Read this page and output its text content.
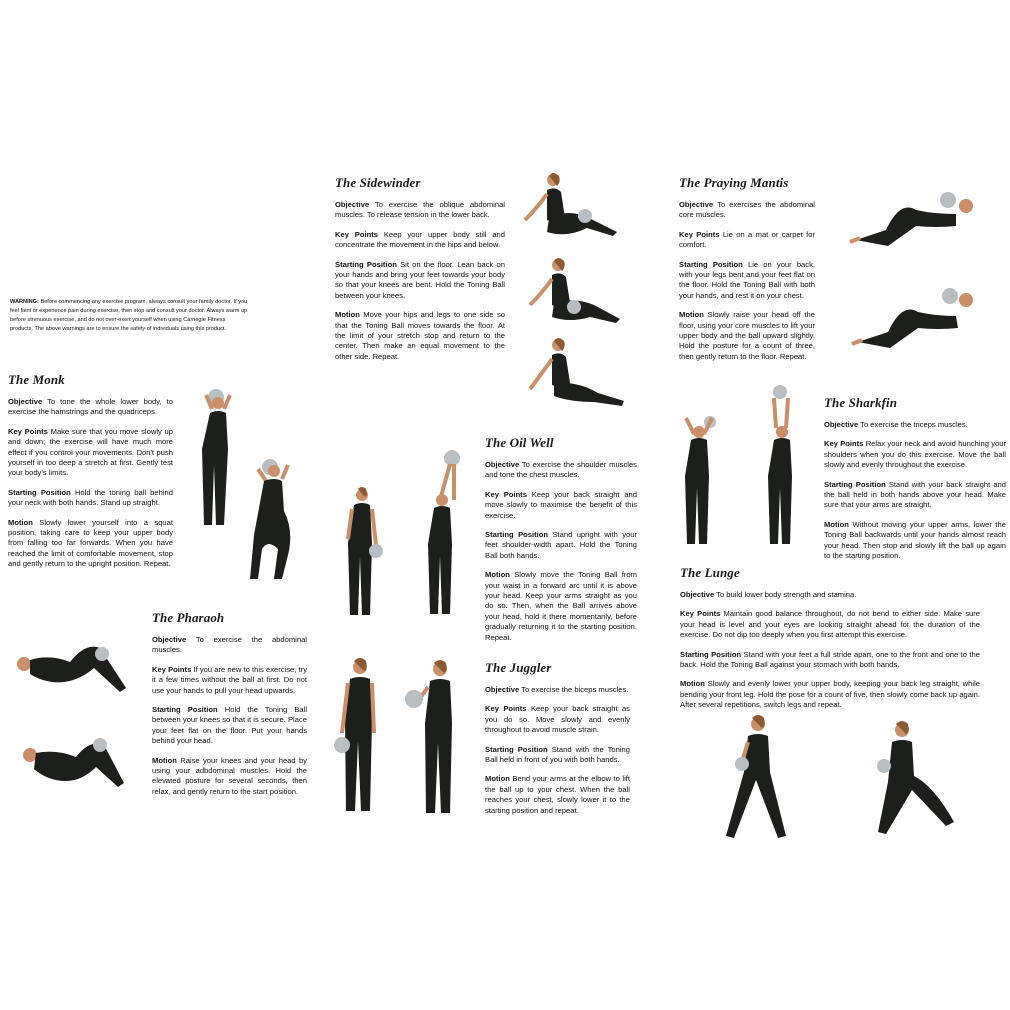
WARNING: Before commencing any exercise program, always consult your family doctor. If you feel faint or experience pain during exercise, then stop and consult your doctor. Always warm up before strenuous exercise, and do not over-exert yourself when using Carnegie Fitness products. The above warnings are to ensure the safety of individuals using this product.
The Monk

Objective To tone the whole lower body, to exercise the hamstrings and the quadriceps.

Key Points Make sure that you move slowly up and down; the exercise will have much more effect if you control your movements. Don't push yourself in too deep a stretch at first. Gently test your body's limits.

Starting Position Hold the toning ball behind your neck with both hands. Stand up straight.

Motion Slowly lower yourself into a squat position, taking care to keep your upper body from falling too far forwards. When you have reached the limit of comfortable movement, stop and gently return to the upright position. Repeat.

The Sidewinder

Objective To exercise the oblique abdominal muscles. To release tension in the lower back.

Key Points Keep your upper body still and concentrate the movement in the hips and below.

Starting Position Sit on the floor. Lean back on your hands and bring your feet towards your body so that your knees are bent. Hold the Toning Ball between your knees.

Motion Move your hips and legs to one side so that the Toning Ball moves towards the floor. At the limit of your stretch stop and return to the center. Then make an equal movement to the other side. Repeat.

The Praying Mantis

Objective To exercises the abdominal core muscles.

Key Points Lie on a mat or carpet for comfort.

Starting Position Lie on your back, with your legs bent and your feet flat on the floor. Hold the Toning Ball with both your hands, and rest it on your chest.

Motion Slowly raise your head off the floor, using your core muscles to lift your upper body and the ball upward slightly. Hold the posture for a count of three, then gently return to the floor. Repeat.

The Pharaoh

Objective To exercise the abdominal muscles.

Key Points If you are new to this exercise, try it a few times without the ball at first. Do not use your hands to pull your head upwards.

Starting Position Hold the Toning Ball between your knees so that it is secure. Place your feet flat on the floor. Put your hands behind your head.

Motion Raise your knees and your head by using your adbdominal muscles. Hold the elevated posture for several seconds, then relax, and gently return to the start position.

The Oil Well

Objective To exercise the shoulder muscles and tone the chest muscles.

Key Points Keep your back straight and move slowly to maximise the benefit of this exercise.

Starting Position Stand upright with your feet shoulder-width apart. Hold the Toning Ball both hands.

Motion Slowly move the Toning Ball from your waist in a forward arc until it is above your head. Keep your arms straight as you do so. Then, when the Ball arrives above your head, hold it there momentarily, before gradually returning it to the starting position. Repeat.

The Juggler

Objective To exercise the biceps muscles.

Key Points Keep your back straight as you do so. Move slowly and evenly throughout to avoid muscle strain.

Starting Position Stand with the Toning Ball held in front of you with both hands.

Motion Bend your arms at the elbow to lift the ball up to your chest. When the ball reaches your chest, slowly lower it to the starting position and repeat.

The Sharkfin

Objective To exercise the triceps muscles.

Key Points Relax your neck and avoid hunching your shoulders when you do this exercise. Move the ball slowly and evenly throughout the exercise.

Starting Position Stand with your back straight and the ball held in both hands above your head. Make sure that your arms are straight.

Motion Without moving your upper arms, lower the Toning Ball backwards until your hands almost reach your head. Then stop and slowly lift the ball up again to the starting position.

The Lunge

Objective To build lower body strength and stamina.

Key Points Maintain good balance throughout, do not bend to either side. Make sure your head is level and your eyes are looking straight ahead for the duration of the exercise. Do not dip too deeply when you first attempt this exercise.

Starting Position Stand with your feet a full stride apart, one to the front and one to the back. Hold the Toning Ball against your stomach with both hands.

Motion Slowly and evenly lower your upper body, keeping your back leg straight, while bending your front leg. Hold the pose for a count of five, then slowly come back up again. After several repetitions, switch legs and repeat.
